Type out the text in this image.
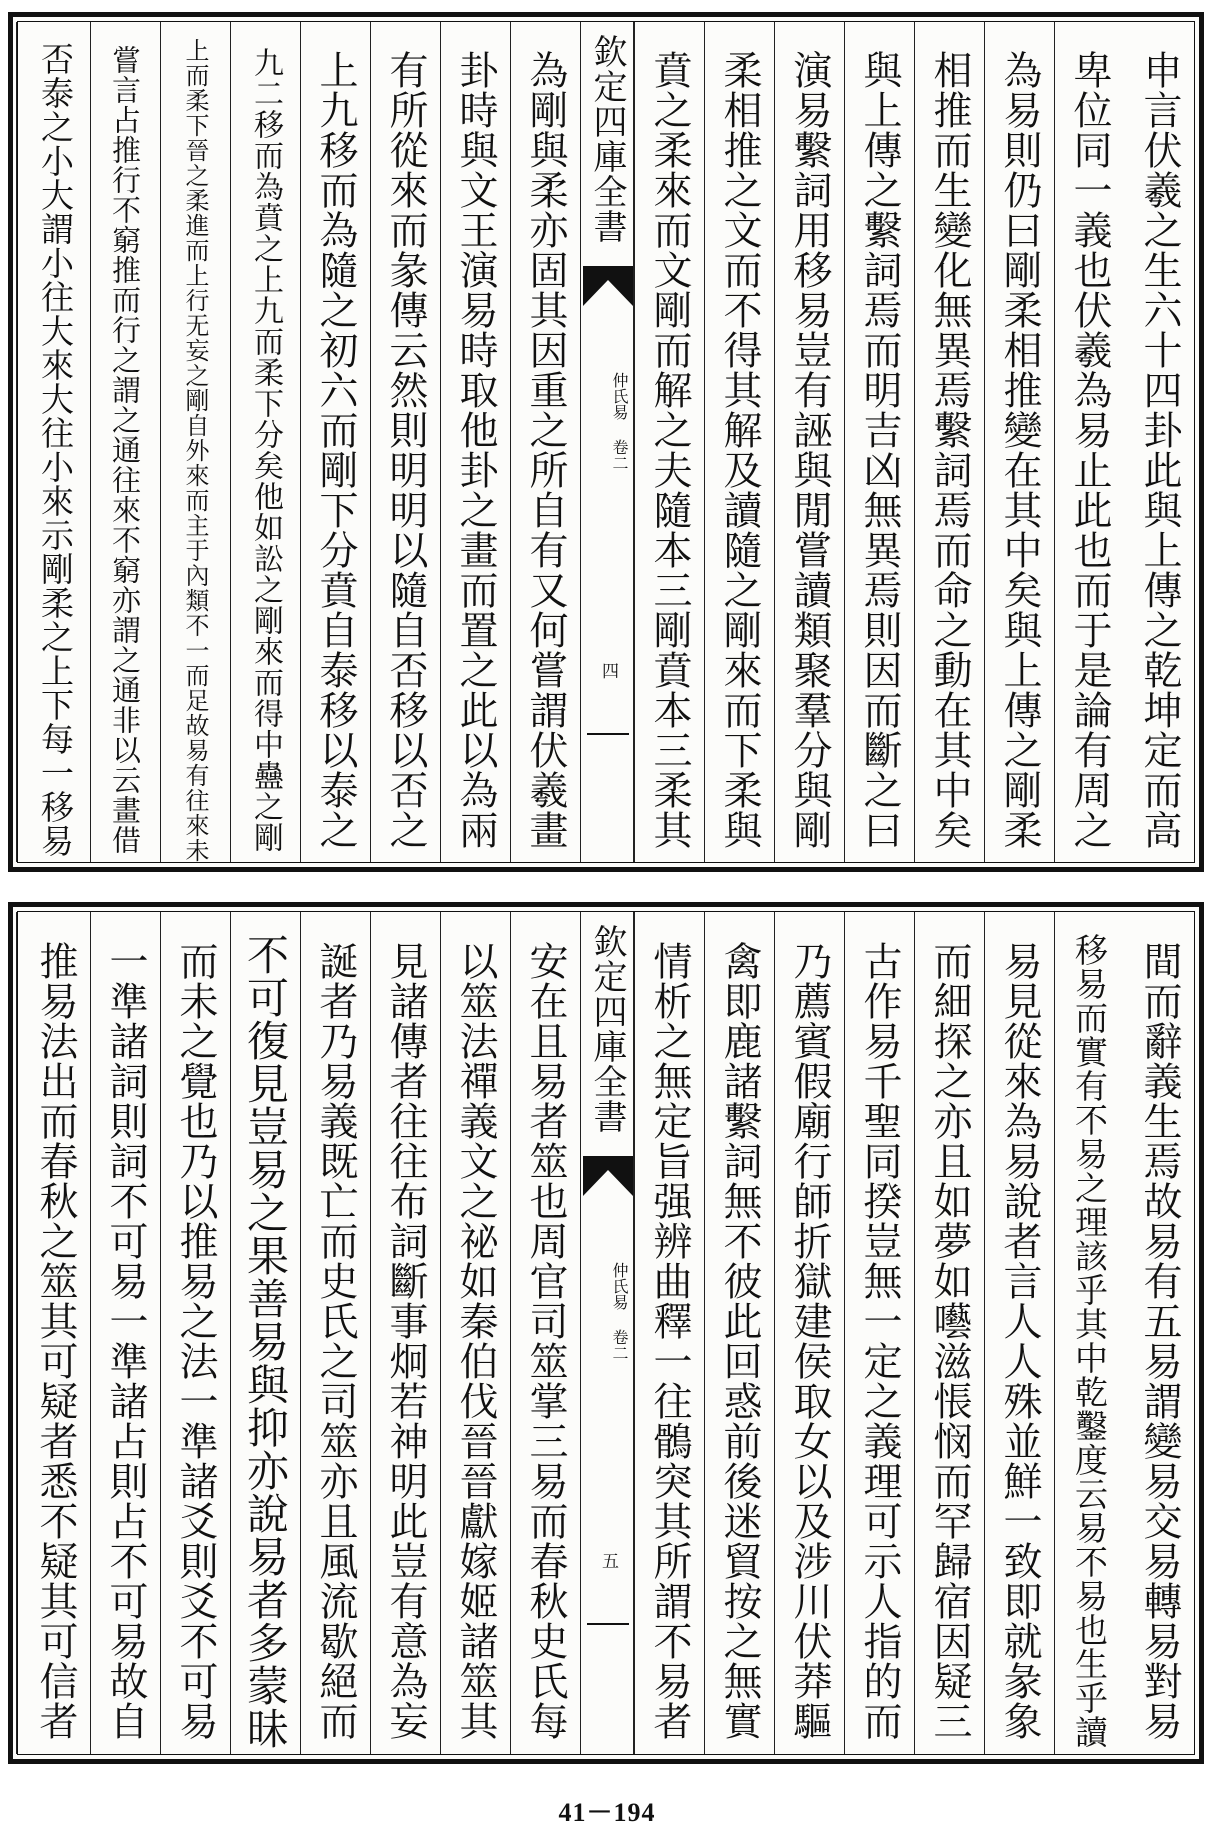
申言伏羲之生六十四卦此與上傳之乾坤定而高
卑位同一義也伏羲為易止此也而于是論有周之
為易則仍曰剛柔相推變在其中矣與上傳之剛柔
相推而生變化無異焉繫詞焉而命之動在其中矣
與上傳之繫詞焉而明吉凶無異焉則因而斷之曰
演易繫詞用移易豈有誣與閒嘗讀類聚羣分與剛
柔相推之文而不得其解及讀隨之剛來而下柔與
賁之柔來而文剛而解之夫隨本三剛賁本三柔其
欽定四庫全書
仲氏易 卷二
四
為剛與柔亦固其因重之所自有又何嘗謂伏羲畫
卦時與文王演易時取他卦之畫而置之此以為兩
有所從來而彖傳云然則明明以隨自否移以否之
上九移而為隨之初六而剛下分賁自泰移以泰之
九二移而為賁之上九而柔下分矣他如訟之剛來而得中蠱之剛
上而柔下晉之柔進而上行无妄之剛自外來而主于內類不一而足故易有往來未
嘗言占推行不窮推而行之謂之通往來不窮亦謂之通非以云畫借
否泰之小大謂小往大來大往小來示剛柔之上下每一移易
間而辭義生焉故易有五易謂變易交易轉易對易
移易而實有不易之理該乎其中乾鑿度云易不易也生乎讀
易見從來為易說者言人人殊並鮮一致即就彖象
而細探之亦且如夢如囈滋悵悯而罕歸宿因疑三
古作易千聖同揆豈無一定之義理可示人指的而
乃薦賓假廟行師折獄建侯取女以及涉川伏莽驅
禽即鹿諸繫詞無不彼此回惑前後迷貿按之無實
情析之無定旨强辨曲釋一往鶻突其所謂不易者
欽定四庫全書
仲氏易 卷二
五
安在且易者筮也周官司筮掌三易而春秋史氏每
以筮法禪義文之祕如秦伯伐晉晉獻嫁姬諸筮其
見諸傳者往往布詞斷事炯若神明此豈有意為妄
誕者乃易義既亡而史氏之司筮亦且風流歇絕而
不可復見豈易之果善易與抑亦說易者多蒙昧
而未之覺也乃以推易之法一準諸爻則爻不可易
一準諸詞則詞不可易一準諸占則占不可易故自
推易法出而春秋之筮其可疑者悉不疑其可信者
41－194
